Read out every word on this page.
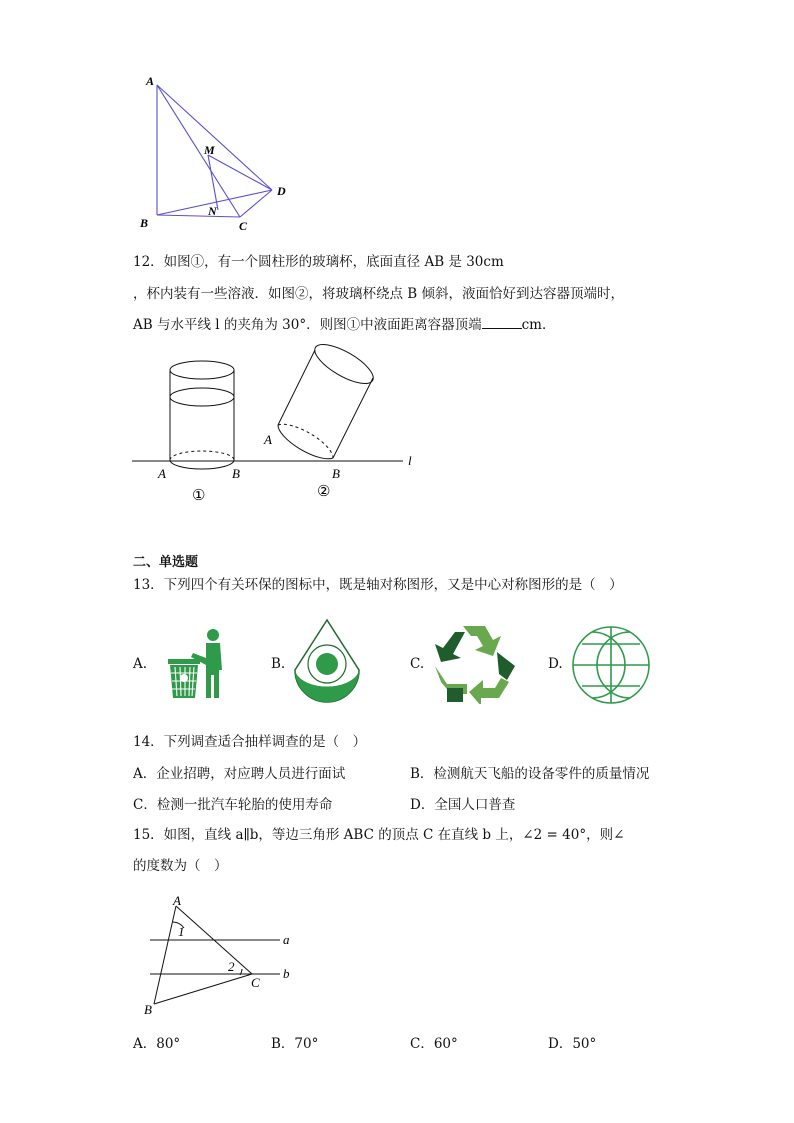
A
M
D
B
N
C
12．如图①，有一个圆柱形的玻璃杯，底面直径 AB 是 30cm
，杯内装有一些溶液．如图②，将玻璃杯绕点 B 倾斜，液面恰好到达容器顶端时，
AB 与水平线 l 的夹角为 30°．则图①中液面距离容器顶端	cm．
A	B
A
B
l
①	②
二、单选题
13．下列四个有关环保的图标中，既是轴对称图形，又是中心对称图形的是（　）
A.	B.	C.	D.
14．下列调查适合抽样调查的是（　）
A．企业招聘，对应聘人员进行面试	B．检测航天飞船的设备零件的质量情况
C．检测一批汽车轮胎的使用寿命	D．全国人口普查
15．如图，直线 a∥b，等边三角形 ABC 的顶点 C 在直线 b 上，∠2 = 40°，则∠
的度数为（　）
A
1
a
2	b
C
B
A．80°	B．70°	C．60°	D．50°
